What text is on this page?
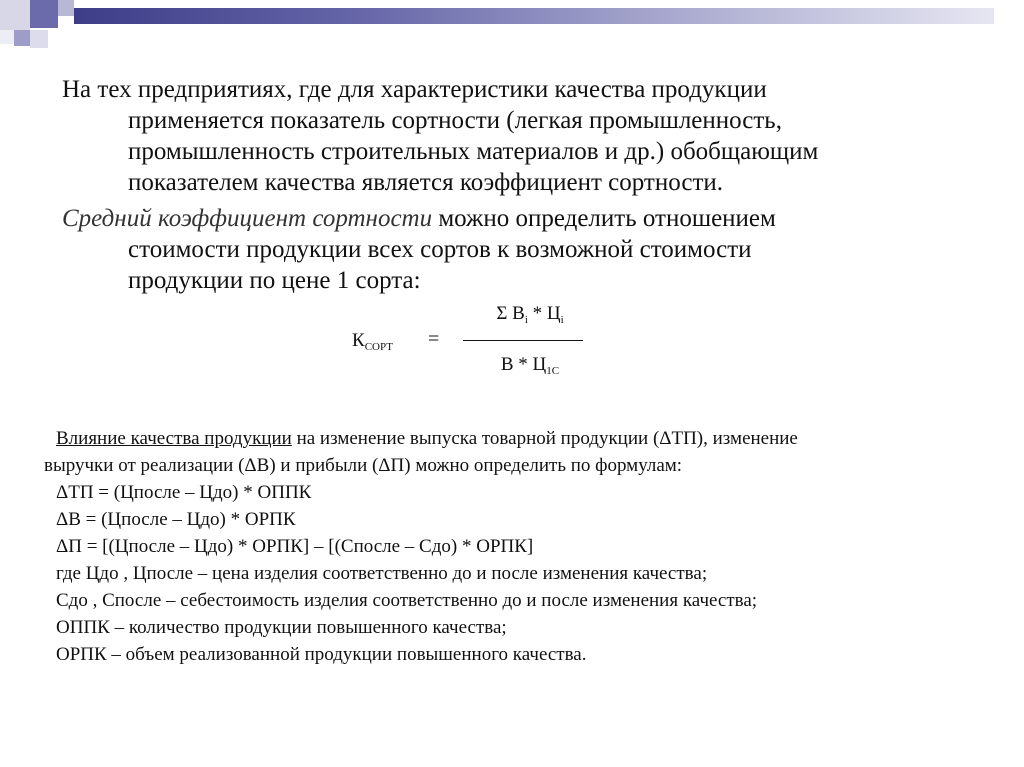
На тех предприятиях, где для характеристики качества продукции
применяется показатель сортности (легкая промышленность,
промышленность строительных материалов и др.) обобщающим
показателем качества является коэффициент сортности.
Средний коэффициент сортности можно определить отношением
стоимости продукции всех сортов к возможной стоимости
продукции по цене 1 сорта:
$К_{СОРТ}$ =
Σ $В_i * Ц_i$
В * $Ц_{1С}$
Влияние качества продукции на изменение выпуска товарной продукции (ΔТП), изменение
выручки от реализации (ΔВ) и прибыли (ΔП) можно определить по формулам:
ΔТП = (Цпосле – Цдо) * ОППК
ΔВ = (Цпосле – Цдо) * ОРПК
ΔП = [(Цпосле – Цдо) * ОРПК] – [(Спосле – Сдо) * ОРПК]
где Цдо , Цпосле – цена изделия соответственно до и после изменения качества;
Сдо , Спосле – себестоимость изделия соответственно до и после изменения качества;
ОППК – количество продукции повышенного качества;
ОРПК – объем реализованной продукции повышенного качества.
